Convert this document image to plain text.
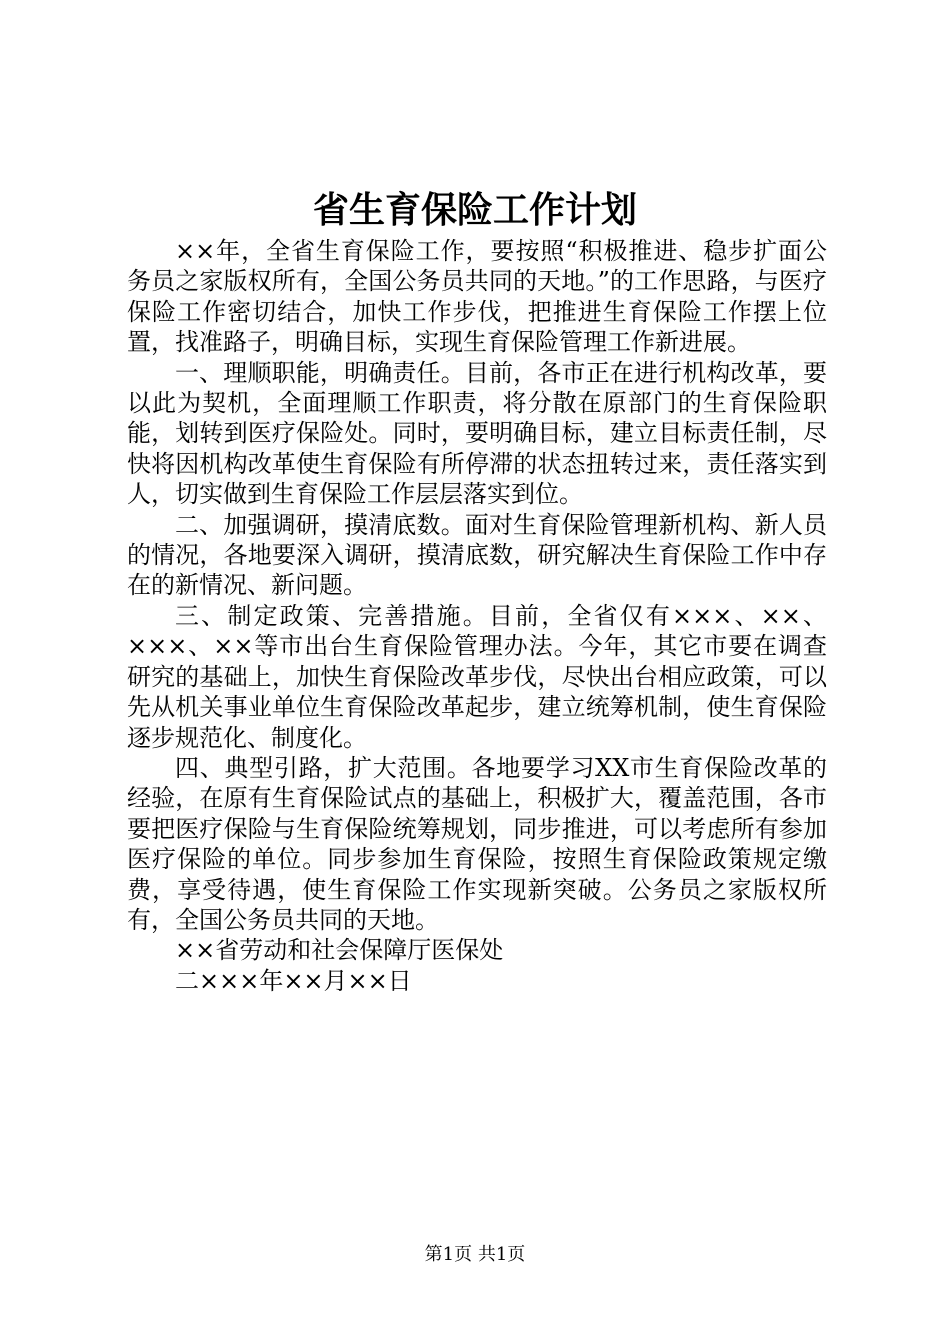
省生育保险工作计划

××年，全省生育保险工作，要按照“积极推进、稳步扩面公务员之家版权所有，全国公务员共同的天地。”的工作思路，与医疗保险工作密切结合，加快工作步伐，把推进生育保险工作摆上位置，找准路子，明确目标，实现生育保险管理工作新进展。

一、理顺职能，明确责任。目前，各市正在进行机构改革，要以此为契机，全面理顺工作职责，将分散在原部门的生育保险职能，划转到医疗保险处。同时，要明确目标，建立目标责任制，尽快将因机构改革使生育保险有所停滞的状态扭转过来，责任落实到人，切实做到生育保险工作层层落实到位。

二、加强调研，摸清底数。面对生育保险管理新机构、新人员的情况，各地要深入调研，摸清底数，研究解决生育保险工作中存在的新情况、新问题。

三、制定政策、完善措施。目前，全省仅有×××、××、×××、××等市出台生育保险管理办法。今年，其它市要在调查研究的基础上，加快生育保险改革步伐，尽快出台相应政策，可以先从机关事业单位生育保险改革起步，建立统筹机制，使生育保险逐步规范化、制度化。

四、典型引路，扩大范围。各地要学习XX市生育保险改革的经验，在原有生育保险试点的基础上，积极扩大，覆盖范围，各市要把医疗保险与生育保险统筹规划，同步推进，可以考虑所有参加医疗保险的单位。同步参加生育保险，按照生育保险政策规定缴费，享受待遇，使生育保险工作实现新突破。公务员之家版权所有，全国公务员共同的天地。

××省劳动和社会保障厅医保处

二×××年××月××日

第1页 共1页
